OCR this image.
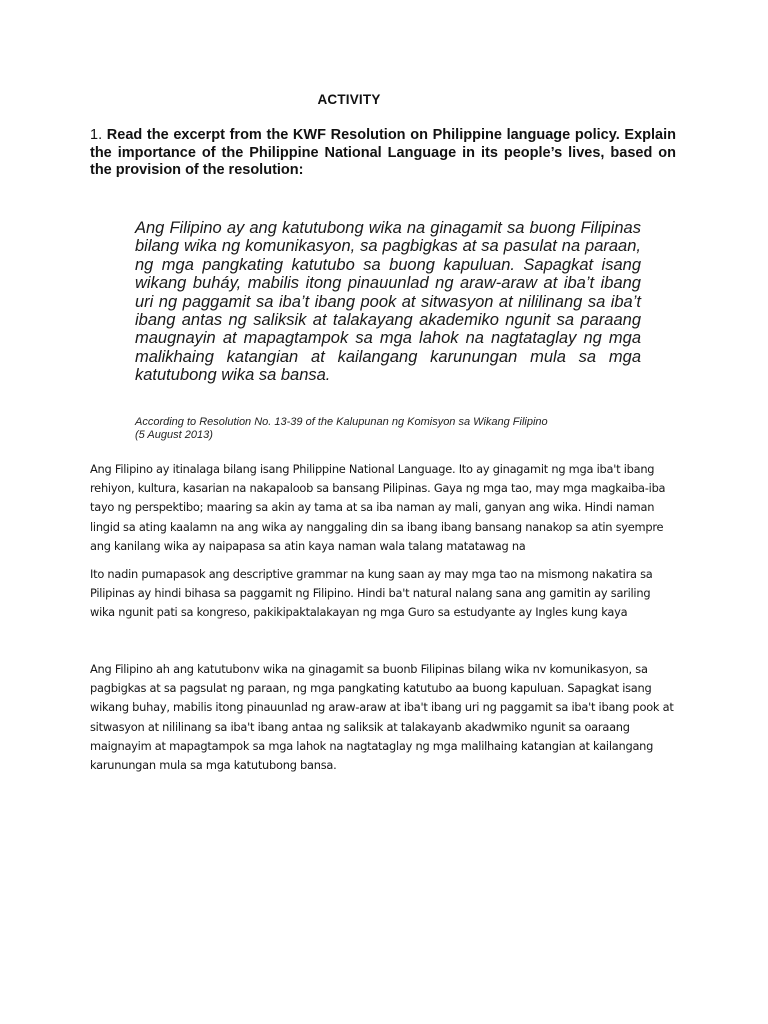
ACTIVITY
1. Read the excerpt from the KWF Resolution on Philippine language policy. Explain the importance of the Philippine National Language in its people’s lives, based on the provision of the resolution:
Ang Filipino ay ang katutubong wika na ginagamit sa buong Filipinas bilang wika ng komunikasyon, sa pagbigkas at sa pasulat na paraan, ng mga pangkating katutubo sa buong kapuluan. Sapagkat isang wikang buháy, mabilis itong pinauunlad ng araw-araw at iba’t ibang uri ng paggamit sa iba’t ibang pook at sitwasyon at nililinang sa iba’t ibang antas ng saliksik at talakayang akademiko ngunit sa paraang maugnayin at mapagtampok sa mga lahok na nagtataglay ng mga malikhaing katangian at kailangang karunungan mula sa mga katutubong wika sa bansa.
According to Resolution No. 13-39 of the Kalupunan ng Komisyon sa Wikang Filipino
(5 August 2013)
Ang Filipino ay itinalaga bilang isang Philippine National Language. Ito ay ginagamit ng mga iba't ibang rehiyon, kultura, kasarian na nakapaloob sa bansang Pilipinas. Gaya ng mga tao, may mga magkaiba-iba tayo ng perspektibo; maaring sa akin ay tama at sa iba naman ay mali, ganyan ang wika. Hindi naman lingid sa ating kaalamn na ang wika ay nanggaling din sa ibang ibang bansang nanakop sa atin syempre ang kanilang wika ay naipapasa sa atin kaya naman wala talang matatawag na
Ito nadin pumapasok ang descriptive grammar na kung saan ay may mga tao na mismong nakatira sa Pilipinas ay hindi bihasa sa paggamit ng Filipino. Hindi ba't natural nalang sana ang gamitin ay sariling wika ngunit pati sa kongreso, pakikipaktalakayan ng mga Guro sa estudyante ay Ingles kung kaya
Ang Filipino ah ang katutubonv wika na ginagamit sa buonb Filipinas bilang wika nv komunikasyon, sa pagbigkas at sa pagsulat ng paraan, ng mga pangkating katutubo aa buong kapuluan. Sapagkat isang wikang buhay, mabilis itong pinauunlad ng araw-araw at iba't ibang uri ng paggamit sa iba't ibang pook at sitwasyon at nililinang sa iba't ibang antaa ng saliksik at talakayanb akadwmiko ngunit sa oaraang maignayim at mapagtampok sa mga lahok na nagtataglay ng mga malilhaing katangian at kailangang karunungan mula sa mga katutubong bansa.
